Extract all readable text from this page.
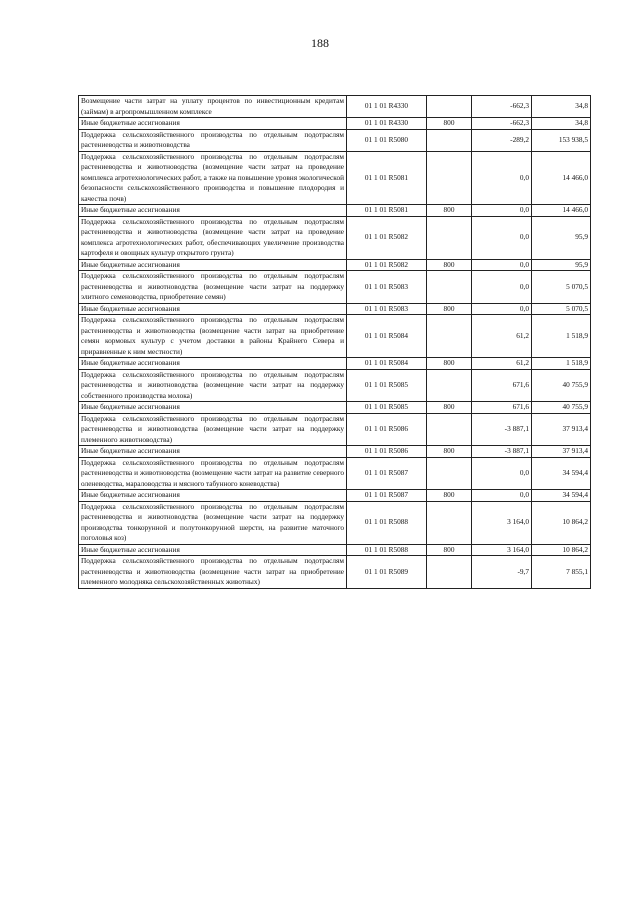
188
Возмещение части затрат на уплату процентов по инвестиционным кредитам (займам) в агропромышленном комплексе	01 1 01 R4330		-662,3	34,8
Иные бюджетные ассигнования	01 1 01 R4330	800	-662,3	34,8
Поддержка сельскохозяйственного производства по отдельным подотраслям растениеводства и животноводства	01 1 01 R5080		-289,2	153 938,5
Поддержка сельскохозяйственного производства по отдельным подотраслям растениеводства и животноводства (возмещение части затрат на проведение комплекса агротехнологических работ, а также на повышение уровня экологической безопасности сельскохозяйственного производства и повышение плодородия и качества почв)	01 1 01 R5081		0,0	14 466,0
Иные бюджетные ассигнования	01 1 01 R5081	800	0,0	14 466,0
Поддержка сельскохозяйственного производства по отдельным подотраслям растениеводства и животноводства (возмещение части затрат на проведение комплекса агротехнологических работ, обеспечивающих увеличение производства картофеля и овощных культур открытого грунта)	01 1 01 R5082		0,0	95,9
Иные бюджетные ассигнования	01 1 01 R5082	800	0,0	95,9
Поддержка сельскохозяйственного производства по отдельным подотраслям растениеводства и животноводства (возмещение части затрат на поддержку элитного семеноводства, приобретение семян)	01 1 01 R5083		0,0	5 070,5
Иные бюджетные ассигнования	01 1 01 R5083	800	0,0	5 070,5
Поддержка сельскохозяйственного производства по отдельным подотраслям растениеводства и животноводства (возмещение части затрат на приобретение семян кормовых культур с учетом доставки в районы Крайнего Севера и приравненные к ним местности)	01 1 01 R5084		61,2	1 518,9
Иные бюджетные ассигнования	01 1 01 R5084	800	61,2	1 518,9
Поддержка сельскохозяйственного производства по отдельным подотраслям растениеводства и животноводства (возмещение части затрат на поддержку собственного производства молока)	01 1 01 R5085		671,6	40 755,9
Иные бюджетные ассигнования	01 1 01 R5085	800	671,6	40 755,9
Поддержка сельскохозяйственного производства по отдельным подотраслям растениеводства и животноводства (возмещение части затрат на поддержку племенного животноводства)	01 1 01 R5086		-3 887,1	37 913,4
Иные бюджетные ассигнования	01 1 01 R5086	800	-3 887,1	37 913,4
Поддержка сельскохозяйственного производства по отдельным подотраслям растениеводства и животноводства (возмещение части затрат на развитие северного оленеводства, мараловодства и мясного табунного коневодства)	01 1 01 R5087		0,0	34 594,4
Иные бюджетные ассигнования	01 1 01 R5087	800	0,0	34 594,4
Поддержка сельскохозяйственного производства по отдельным подотраслям растениеводства и животноводства (возмещение части затрат на поддержку производства тонкорунной и полутонкорунной шерсти, на развитие маточного поголовья коз)	01 1 01 R5088		3 164,0	10 864,2
Иные бюджетные ассигнования	01 1 01 R5088	800	3 164,0	10 864,2
Поддержка сельскохозяйственного производства по отдельным подотраслям растениеводства и животноводства (возмещение части затрат на приобретение племенного молодняка сельскохозяйственных животных)	01 1 01 R5089		-9,7	7 855,1
